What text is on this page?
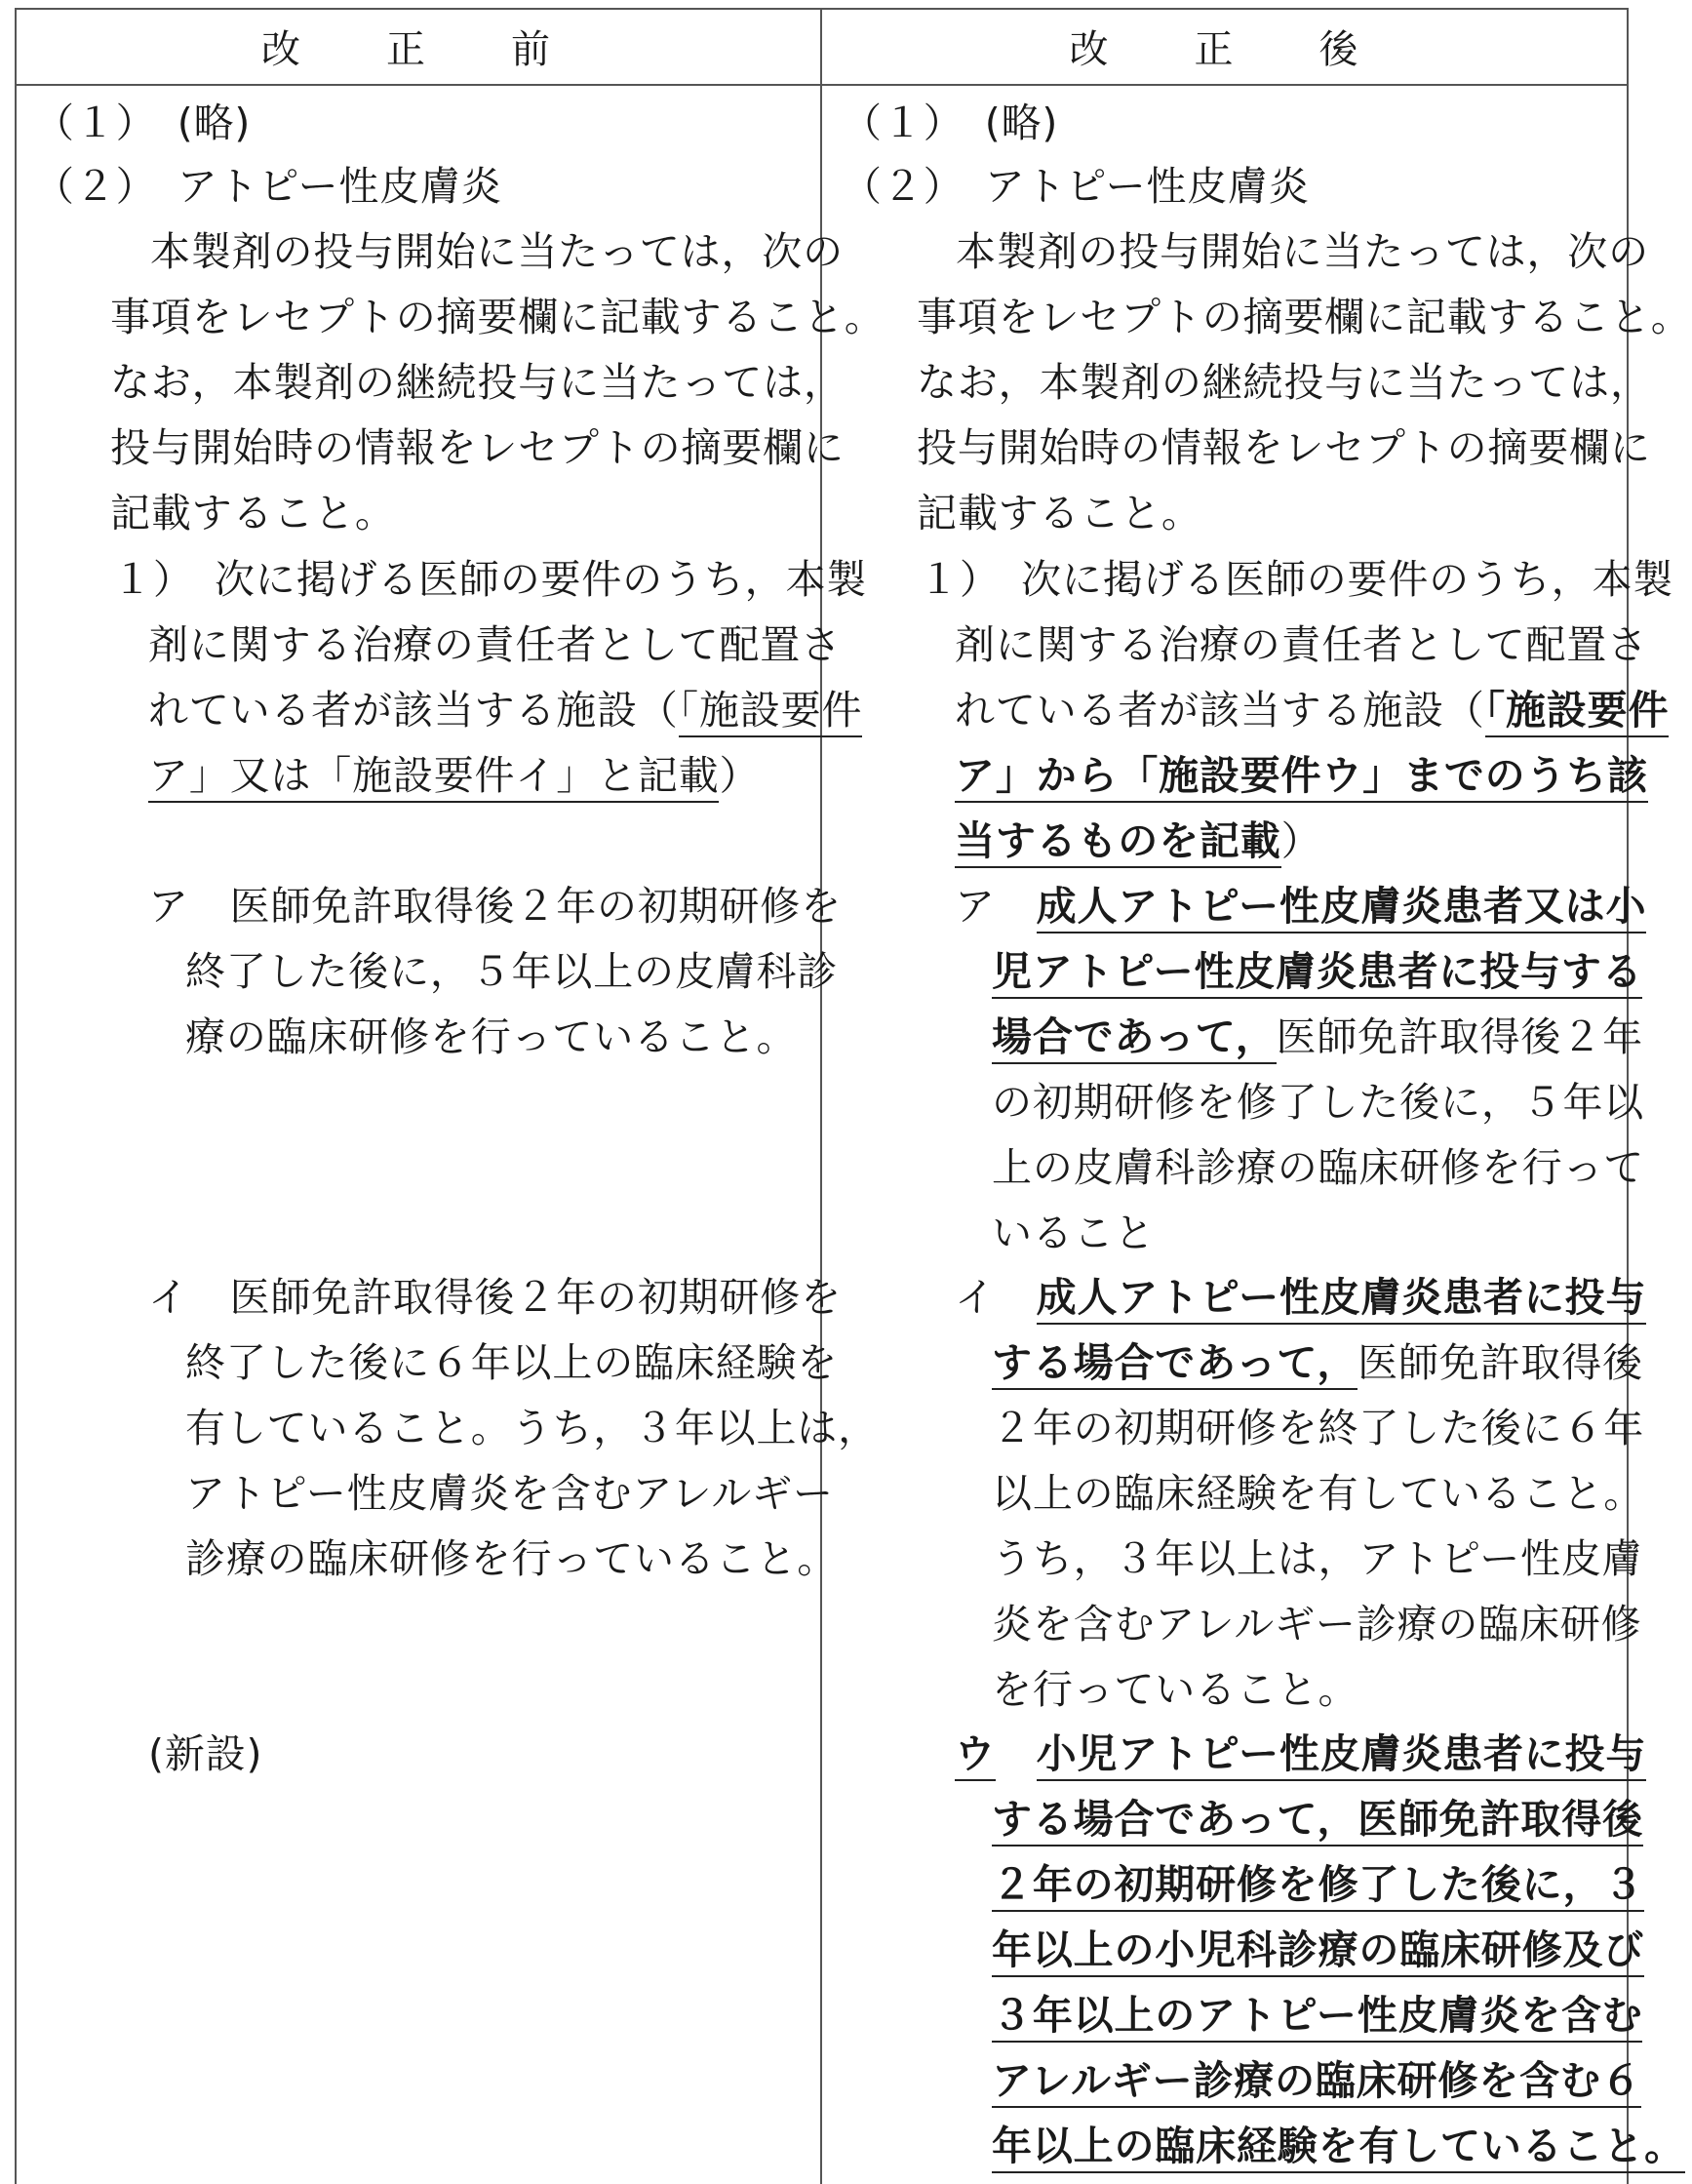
改　正　前	改　正　後
（１）　(略)
（２）　アトピー性皮膚炎
本製剤の投与開始に当たっては，次の
事項をレセプトの摘要欄に記載すること。
なお，本製剤の継続投与に当たっては，
投与開始時の情報をレセプトの摘要欄に
記載すること。
１）　次に掲げる医師の要件のうち，本製
剤に関する治療の責任者として配置さ
れている者が該当する施設（「施設要件
ア」又は「施設要件イ」と記載）
ア　医師免許取得後２年の初期研修を
終了した後に，５年以上の皮膚科診
療の臨床研修を行っていること。
イ　医師免許取得後２年の初期研修を
終了した後に６年以上の臨床経験を
有していること。うち，３年以上は，
アトピー性皮膚炎を含むアレルギー
診療の臨床研修を行っていること。
(新設)
（１）　(略)
（２）　アトピー性皮膚炎
本製剤の投与開始に当たっては，次の
事項をレセプトの摘要欄に記載すること。
なお，本製剤の継続投与に当たっては，
投与開始時の情報をレセプトの摘要欄に
記載すること。
１）　次に掲げる医師の要件のうち，本製
剤に関する治療の責任者として配置さ
れている者が該当する施設（「施設要件
ア」から「施設要件ウ」までのうち該
当するものを記載）
ア　成人アトピー性皮膚炎患者又は小
児アトピー性皮膚炎患者に投与する
場合であって，医師免許取得後２年
の初期研修を修了した後に，５年以
上の皮膚科診療の臨床研修を行って
いること
イ　成人アトピー性皮膚炎患者に投与
する場合であって，医師免許取得後
２年の初期研修を終了した後に６年
以上の臨床経験を有していること。
うち，３年以上は，アトピー性皮膚
炎を含むアレルギー診療の臨床研修
を行っていること。
ウ　 小児アトピー性皮膚炎患者に投与
する場合であって，医師免許取得後
２年の初期研修を修了した後に，３
年以上の小児科診療の臨床研修及び
３年以上のアトピー性皮膚炎を含む
アレルギー診療の臨床研修を含む６
年以上の臨床経験を有していること。
